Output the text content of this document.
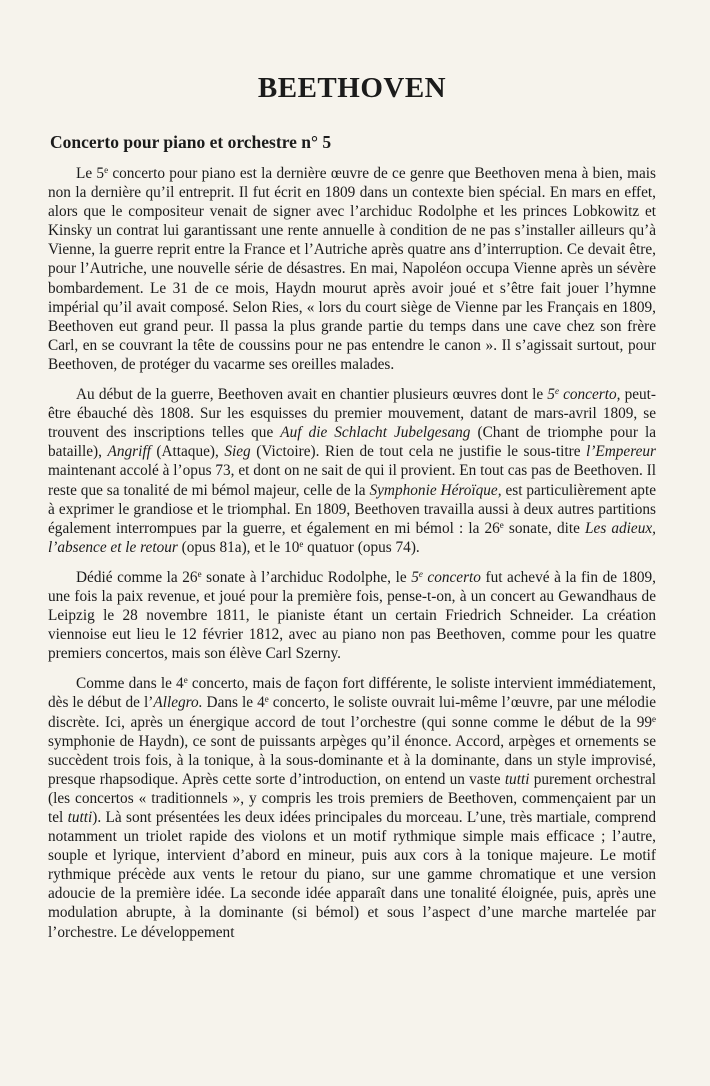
BEETHOVEN
Concerto pour piano et orchestre n° 5

Le 5e concerto pour piano est la dernière œuvre de ce genre que Beethoven mena à bien, mais non la dernière qu’il entreprit. Il fut écrit en 1809 dans un contexte bien spécial. En mars en effet, alors que le compositeur venait de signer avec l’archiduc Rodolphe et les princes Lobkowitz et Kinsky un contrat lui garantissant une rente annuelle à condition de ne pas s’installer ailleurs qu’à Vienne, la guerre reprit entre la France et l’Autriche après quatre ans d’interruption. Ce devait être, pour l’Autriche, une nouvelle série de désastres. En mai, Napoléon occupa Vienne après un sévère bombardement. Le 31 de ce mois, Haydn mourut après avoir joué et s’être fait jouer l’hymne impérial qu’il avait composé. Selon Ries, « lors du court siège de Vienne par les Français en 1809, Beethoven eut grand peur. Il passa la plus grande partie du temps dans une cave chez son frère Carl, en se couvrant la tête de coussins pour ne pas entendre le canon ». Il s’agissait surtout, pour Beethoven, de protéger du vacarme ses oreilles malades.

Au début de la guerre, Beethoven avait en chantier plusieurs œuvres dont le 5e concerto, peut-être ébauché dès 1808. Sur les esquisses du premier mouvement, datant de mars-avril 1809, se trouvent des inscriptions telles que Auf die Schlacht Jubelgesang (Chant de triomphe pour la bataille), Angriff (Attaque), Sieg (Victoire). Rien de tout cela ne justifie le sous-titre l’Empereur maintenant accolé à l’opus 73, et dont on ne sait de qui il provient. En tout cas pas de Beethoven. Il reste que sa tonalité de mi bémol majeur, celle de la Symphonie Héroïque, est particulièrement apte à exprimer le grandiose et le triomphal. En 1809, Beethoven travailla aussi à deux autres partitions également interrompues par la guerre, et également en mi bémol : la 26e sonate, dite Les adieux, l’absence et le retour (opus 81a), et le 10e quatuor (opus 74).

Dédié comme la 26e sonate à l’archiduc Rodolphe, le 5e concerto fut achevé à la fin de 1809, une fois la paix revenue, et joué pour la première fois, pense-t-on, à un concert au Gewandhaus de Leipzig le 28 novembre 1811, le pianiste étant un certain Friedrich Schneider. La création viennoise eut lieu le 12 février 1812, avec au piano non pas Beethoven, comme pour les quatre premiers concertos, mais son élève Carl Szerny.

Comme dans le 4e concerto, mais de façon fort différente, le soliste intervient immédiatement, dès le début de l’Allegro. Dans le 4e concerto, le soliste ouvrait lui-même l’œuvre, par une mélodie discrète. Ici, après un énergique accord de tout l’orchestre (qui sonne comme le début de la 99e symphonie de Haydn), ce sont de puissants arpèges qu’il énonce. Accord, arpèges et ornements se succèdent trois fois, à la tonique, à la sous-dominante et à la dominante, dans un style improvisé, presque rhapsodique. Après cette sorte d’introduction, on entend un vaste tutti purement orchestral (les concertos « traditionnels », y compris les trois premiers de Beethoven, commençaient par un tel tutti). Là sont présentées les deux idées principales du morceau. L’une, très martiale, comprend notamment un triolet rapide des violons et un motif rythmique simple mais efficace ; l’autre, souple et lyrique, intervient d’abord en mineur, puis aux cors à la tonique majeure. Le motif rythmique précède aux vents le retour du piano, sur une gamme chromatique et une version adoucie de la première idée. La seconde idée apparaît dans une tonalité éloignée, puis, après une modulation abrupte, à la dominante (si bémol) et sous l’aspect d’une marche martelée par l’orchestre. Le développement
